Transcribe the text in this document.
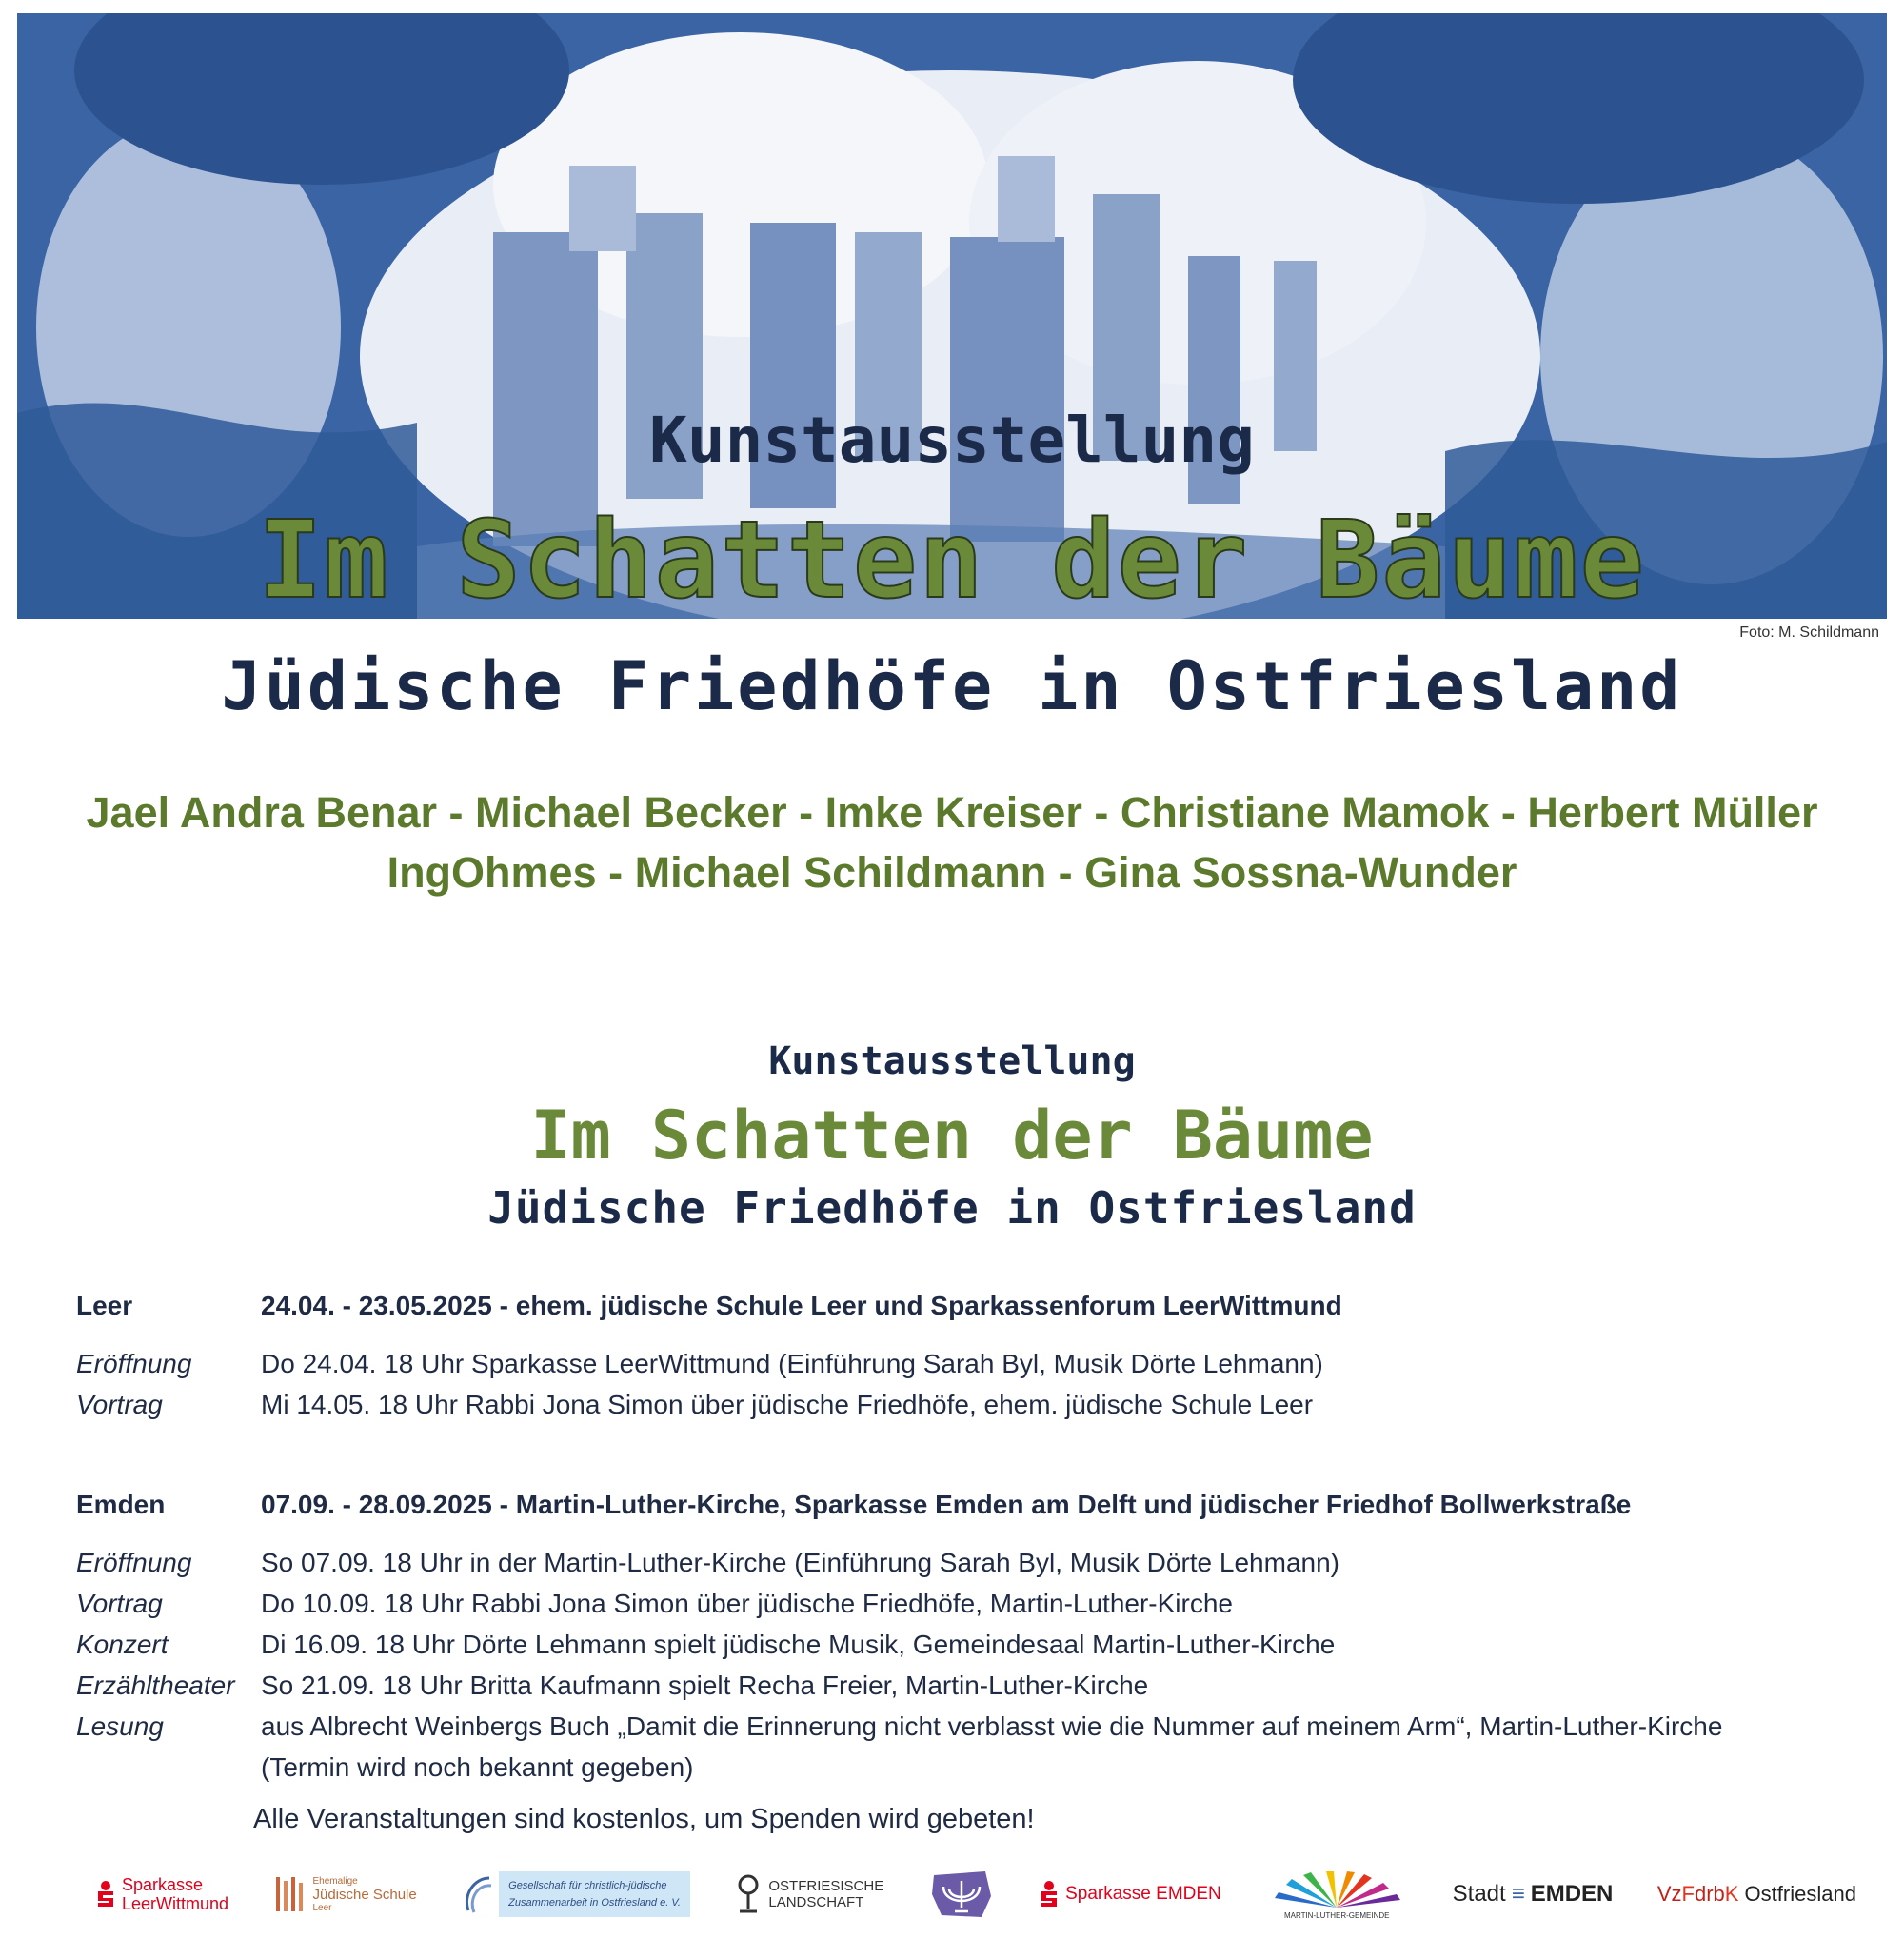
Kunstausstellung
Im Schatten der Bäume
Foto: M. Schildmann
Jüdische Friedhöfe in Ostfriesland
Jael Andra Benar - Michael Becker - Imke Kreiser - Christiane Mamok - Herbert Müller
IngOhmes - Michael Schildmann - Gina Sossna-Wunder
Kunstausstellung
Im Schatten der Bäume
Jüdische Friedhöfe in Ostfriesland
Leer	24.04. - 23.05.2025 - ehem. jüdische Schule Leer und Sparkassenforum LeerWittmund
Eröffnung	Do 24.04. 18 Uhr Sparkasse LeerWittmund (Einführung Sarah Byl, Musik Dörte Lehmann)
Vortrag	Mi 14.05. 18 Uhr Rabbi Jona Simon über jüdische Friedhöfe, ehem. jüdische Schule Leer
Emden	07.09. - 28.09.2025 - Martin-Luther-Kirche, Sparkasse Emden am Delft und jüdischer Friedhof Bollwerkstraße
Eröffnung	So 07.09. 18 Uhr in der Martin-Luther-Kirche (Einführung Sarah Byl, Musik Dörte Lehmann)
Vortrag	Do 10.09. 18 Uhr Rabbi Jona Simon über jüdische Friedhöfe, Martin-Luther-Kirche
Konzert	Di 16.09. 18 Uhr Dörte Lehmann spielt jüdische Musik, Gemeindesaal Martin-Luther-Kirche
Erzähltheater So 21.09. 18 Uhr Britta Kaufmann spielt Recha Freier, Martin-Luther-Kirche
Lesung	aus Albrecht Weinbergs Buch „Damit die Erinnerung nicht verblasst wie die Nummer auf meinem Arm“, Martin-Luther-Kirche
(Termin wird noch bekannt gegeben)
Alle Veranstaltungen sind kostenlos, um Spenden wird gebeten!
Sparkasse
LeerWittmund
Ehemalige
Jüdische Schule
Leer
Gesellschaft für christlich-jüdische
Zusammenarbeit in Ostfriesland e. V.
OSTFRIESISCHE
LANDSCHAFT	Sparkasse EMDEN
MARTIN-LUTHER-GEMEINDE
Stadt ≡ EMDEN Vz F drb K Ostfriesland
